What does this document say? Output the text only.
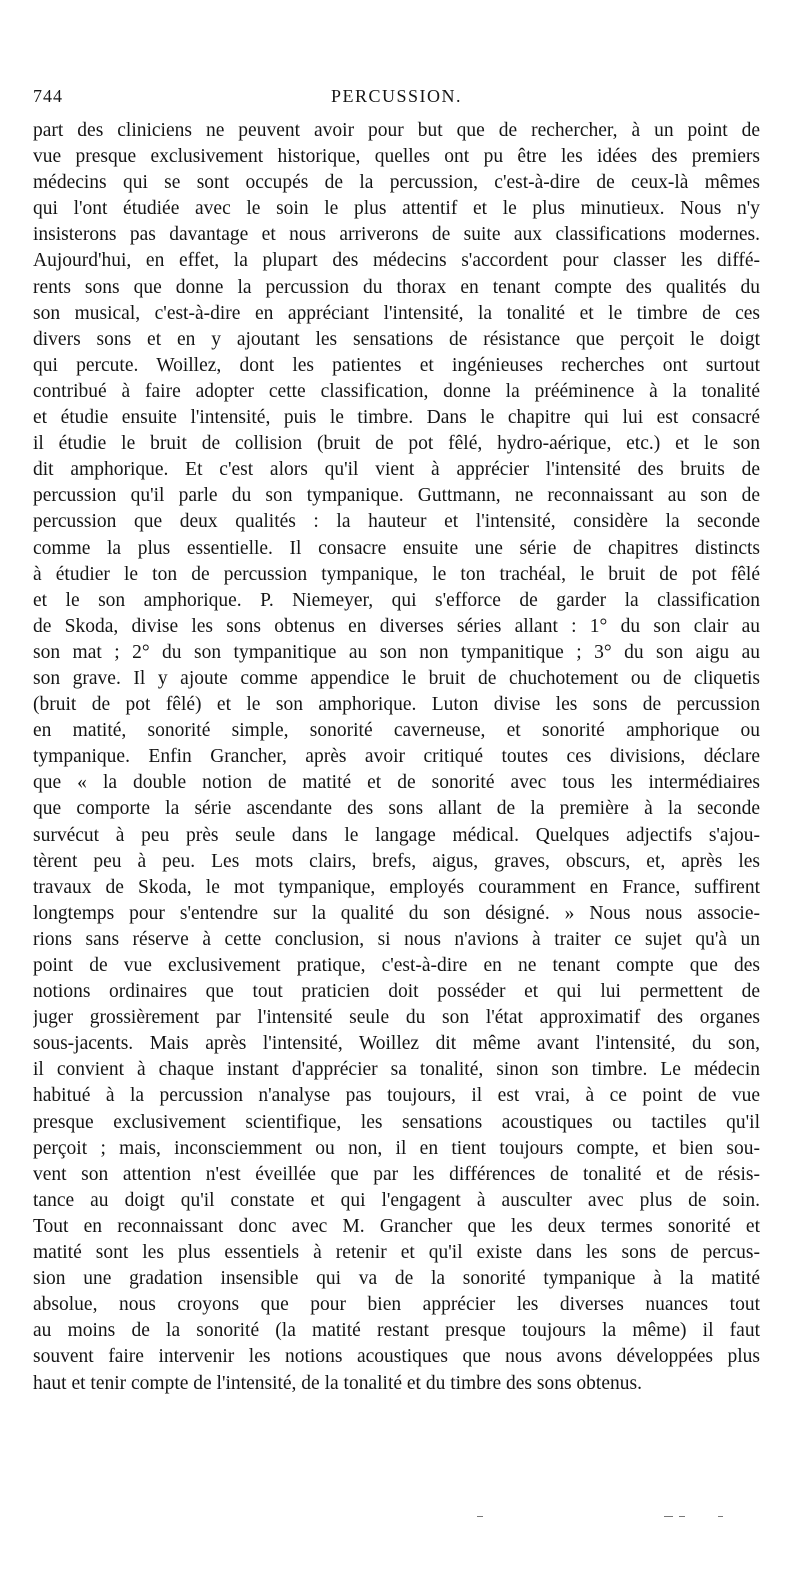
744	PERCUSSION.
part des cliniciens ne peuvent avoir pour but que de rechercher, à un point de
vue presque exclusivement historique, quelles ont pu être les idées des premiers
médecins qui se sont occupés de la percussion, c'est-à-dire de ceux-là mêmes
qui l'ont étudiée avec le soin le plus attentif et le plus minutieux. Nous n'y
insisterons pas davantage et nous arriverons de suite aux classifications modernes.
Aujourd'hui, en effet, la plupart des médecins s'accordent pour classer les diffé-
rents sons que donne la percussion du thorax en tenant compte des qualités du
son musical, c'est-à-dire en appréciant l'intensité, la tonalité et le timbre de ces
divers sons et en y ajoutant les sensations de résistance que perçoit le doigt
qui percute. Woillez, dont les patientes et ingénieuses recherches ont surtout
contribué à faire adopter cette classification, donne la prééminence à la tonalité
et étudie ensuite l'intensité, puis le timbre. Dans le chapitre qui lui est consacré
il étudie le bruit de collision (bruit de pot fêlé, hydro-aérique, etc.) et le son
dit amphorique. Et c'est alors qu'il vient à apprécier l'intensité des bruits de
percussion qu'il parle du son tympanique. Guttmann, ne reconnaissant au son de
percussion que deux qualités : la hauteur et l'intensité, considère la seconde
comme la plus essentielle. Il consacre ensuite une série de chapitres distincts
à étudier le ton de percussion tympanique, le ton trachéal, le bruit de pot fêlé
et le son amphorique. P. Niemeyer, qui s'efforce de garder la classification
de Skoda, divise les sons obtenus en diverses séries allant : 1° du son clair au
son mat ; 2° du son tympanitique au son non tympanitique ; 3° du son aigu au
son grave. Il y ajoute comme appendice le bruit de chuchotement ou de cliquetis
(bruit de pot fêlé) et le son amphorique. Luton divise les sons de percussion
en matité, sonorité simple, sonorité caverneuse, et sonorité amphorique ou
tympanique. Enfin Grancher, après avoir critiqué toutes ces divisions, déclare
que « la double notion de matité et de sonorité avec tous les intermédiaires
que comporte la série ascendante des sons allant de la première à la seconde
survécut à peu près seule dans le langage médical. Quelques adjectifs s'ajou-
tèrent peu à peu. Les mots clairs, brefs, aigus, graves, obscurs, et, après les
travaux de Skoda, le mot tympanique, employés couramment en France, suffirent
longtemps pour s'entendre sur la qualité du son désigné. » Nous nous associe-
rions sans réserve à cette conclusion, si nous n'avions à traiter ce sujet qu'à un
point de vue exclusivement pratique, c'est-à-dire en ne tenant compte que des
notions ordinaires que tout praticien doit posséder et qui lui permettent de
juger grossièrement par l'intensité seule du son l'état approximatif des organes
sous-jacents. Mais après l'intensité, Woillez dit même avant l'intensité, du son,
il convient à chaque instant d'apprécier sa tonalité, sinon son timbre. Le médecin
habitué à la percussion n'analyse pas toujours, il est vrai, à ce point de vue
presque exclusivement scientifique, les sensations acoustiques ou tactiles qu'il
perçoit ; mais, inconsciemment ou non, il en tient toujours compte, et bien sou-
vent son attention n'est éveillée que par les différences de tonalité et de résis-
tance au doigt qu'il constate et qui l'engagent à ausculter avec plus de soin.
Tout en reconnaissant donc avec M. Grancher que les deux termes sonorité et
matité sont les plus essentiels à retenir et qu'il existe dans les sons de percus-
sion une gradation insensible qui va de la sonorité tympanique à la matité
absolue, nous croyons que pour bien apprécier les diverses nuances tout
au moins de la sonorité (la matité restant presque toujours la même) il faut
souvent faire intervenir les notions acoustiques que nous avons développées plus
haut et tenir compte de l'intensité, de la tonalité et du timbre des sons obtenus.
